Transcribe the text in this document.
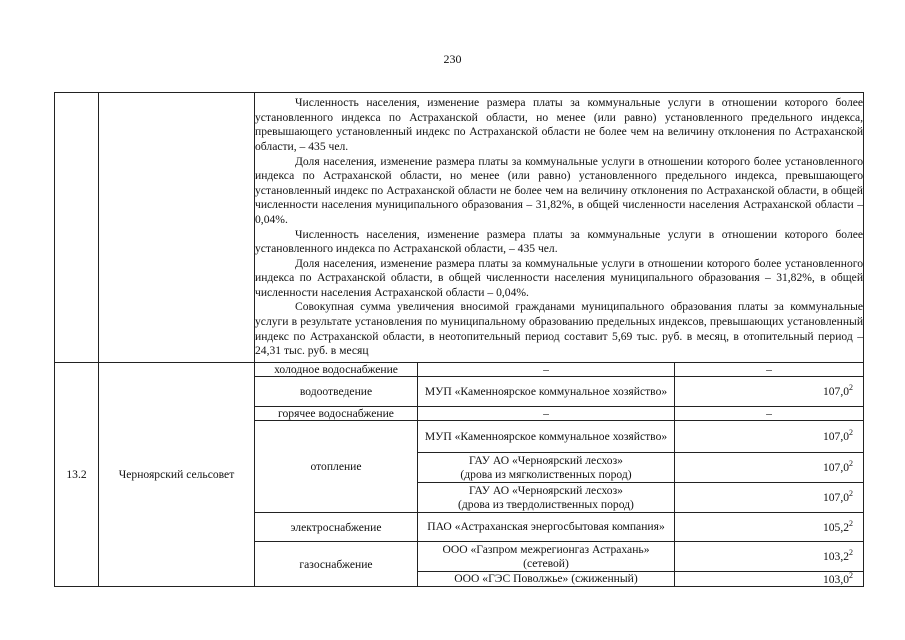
230

		Численность населения, изменение размера платы за коммунальные услуги в отношении которого более установленного индекса по Астраханской области, но менее (или равно) установленного предельного индекса, превышающего установленный индекс по Астраханской области не более чем на величину отклонения по Астраханской области, – 435 чел.

Доля населения, изменение размера платы за коммунальные услуги в отношении которого более установленного индекса по Астраханской области, но менее (или равно) установленного предельного индекса, превышающего установленный индекс по Астраханской области не более чем на величину отклонения по Астраханской области, в общей численности населения муниципального образования – 31,82%, в общей численности населения Астраханской области – 0,04%.

Численность населения, изменение размера платы за коммунальные услуги в отношении которого более установленного индекса по Астраханской области, – 435 чел.

Доля населения, изменение размера платы за коммунальные услуги в отношении которого более установленного индекса по Астраханской области, в общей численности населения муниципального образования – 31,82%, в общей численности населения Астраханской области – 0,04%.

Совокупная сумма увеличения вносимой гражданами муниципального образования платы за коммунальные услуги в результате установления по муниципальному образованию предельных индексов, превышающих установленный индекс по Астраханской области, в неотопительный период составит 5,69 тыс. руб. в месяц, в отопительный период – 24,31 тыс. руб. в месяц		

13.2	Черноярский сельсовет	холодное водоснабжение	–	–
		водоотведение	МУП «Каменноярское коммунальное хозяйство»	107,0$^2$
		горячее водоснабжение	–	–
		отопление	МУП «Каменноярское коммунальное хозяйство»	107,0$^2$

			ГАУ АО «Черноярский лесхоз»
(дрова из мягколиственных пород)	107,0$^2$

			ГАУ АО «Черноярский лесхоз»
(дрова из твердолиственных пород)	107,0$^2$
		электроснабжение	ПАО «Астраханская энергосбытовая компания»	105,2$^2$
		газоснабжение	ООО «Газпром межрегионгаз Астрахань»
(сетевой)	103,2$^2$
			ООО «ГЭС Поволжье» (сжиженный)	103,0$^2$
